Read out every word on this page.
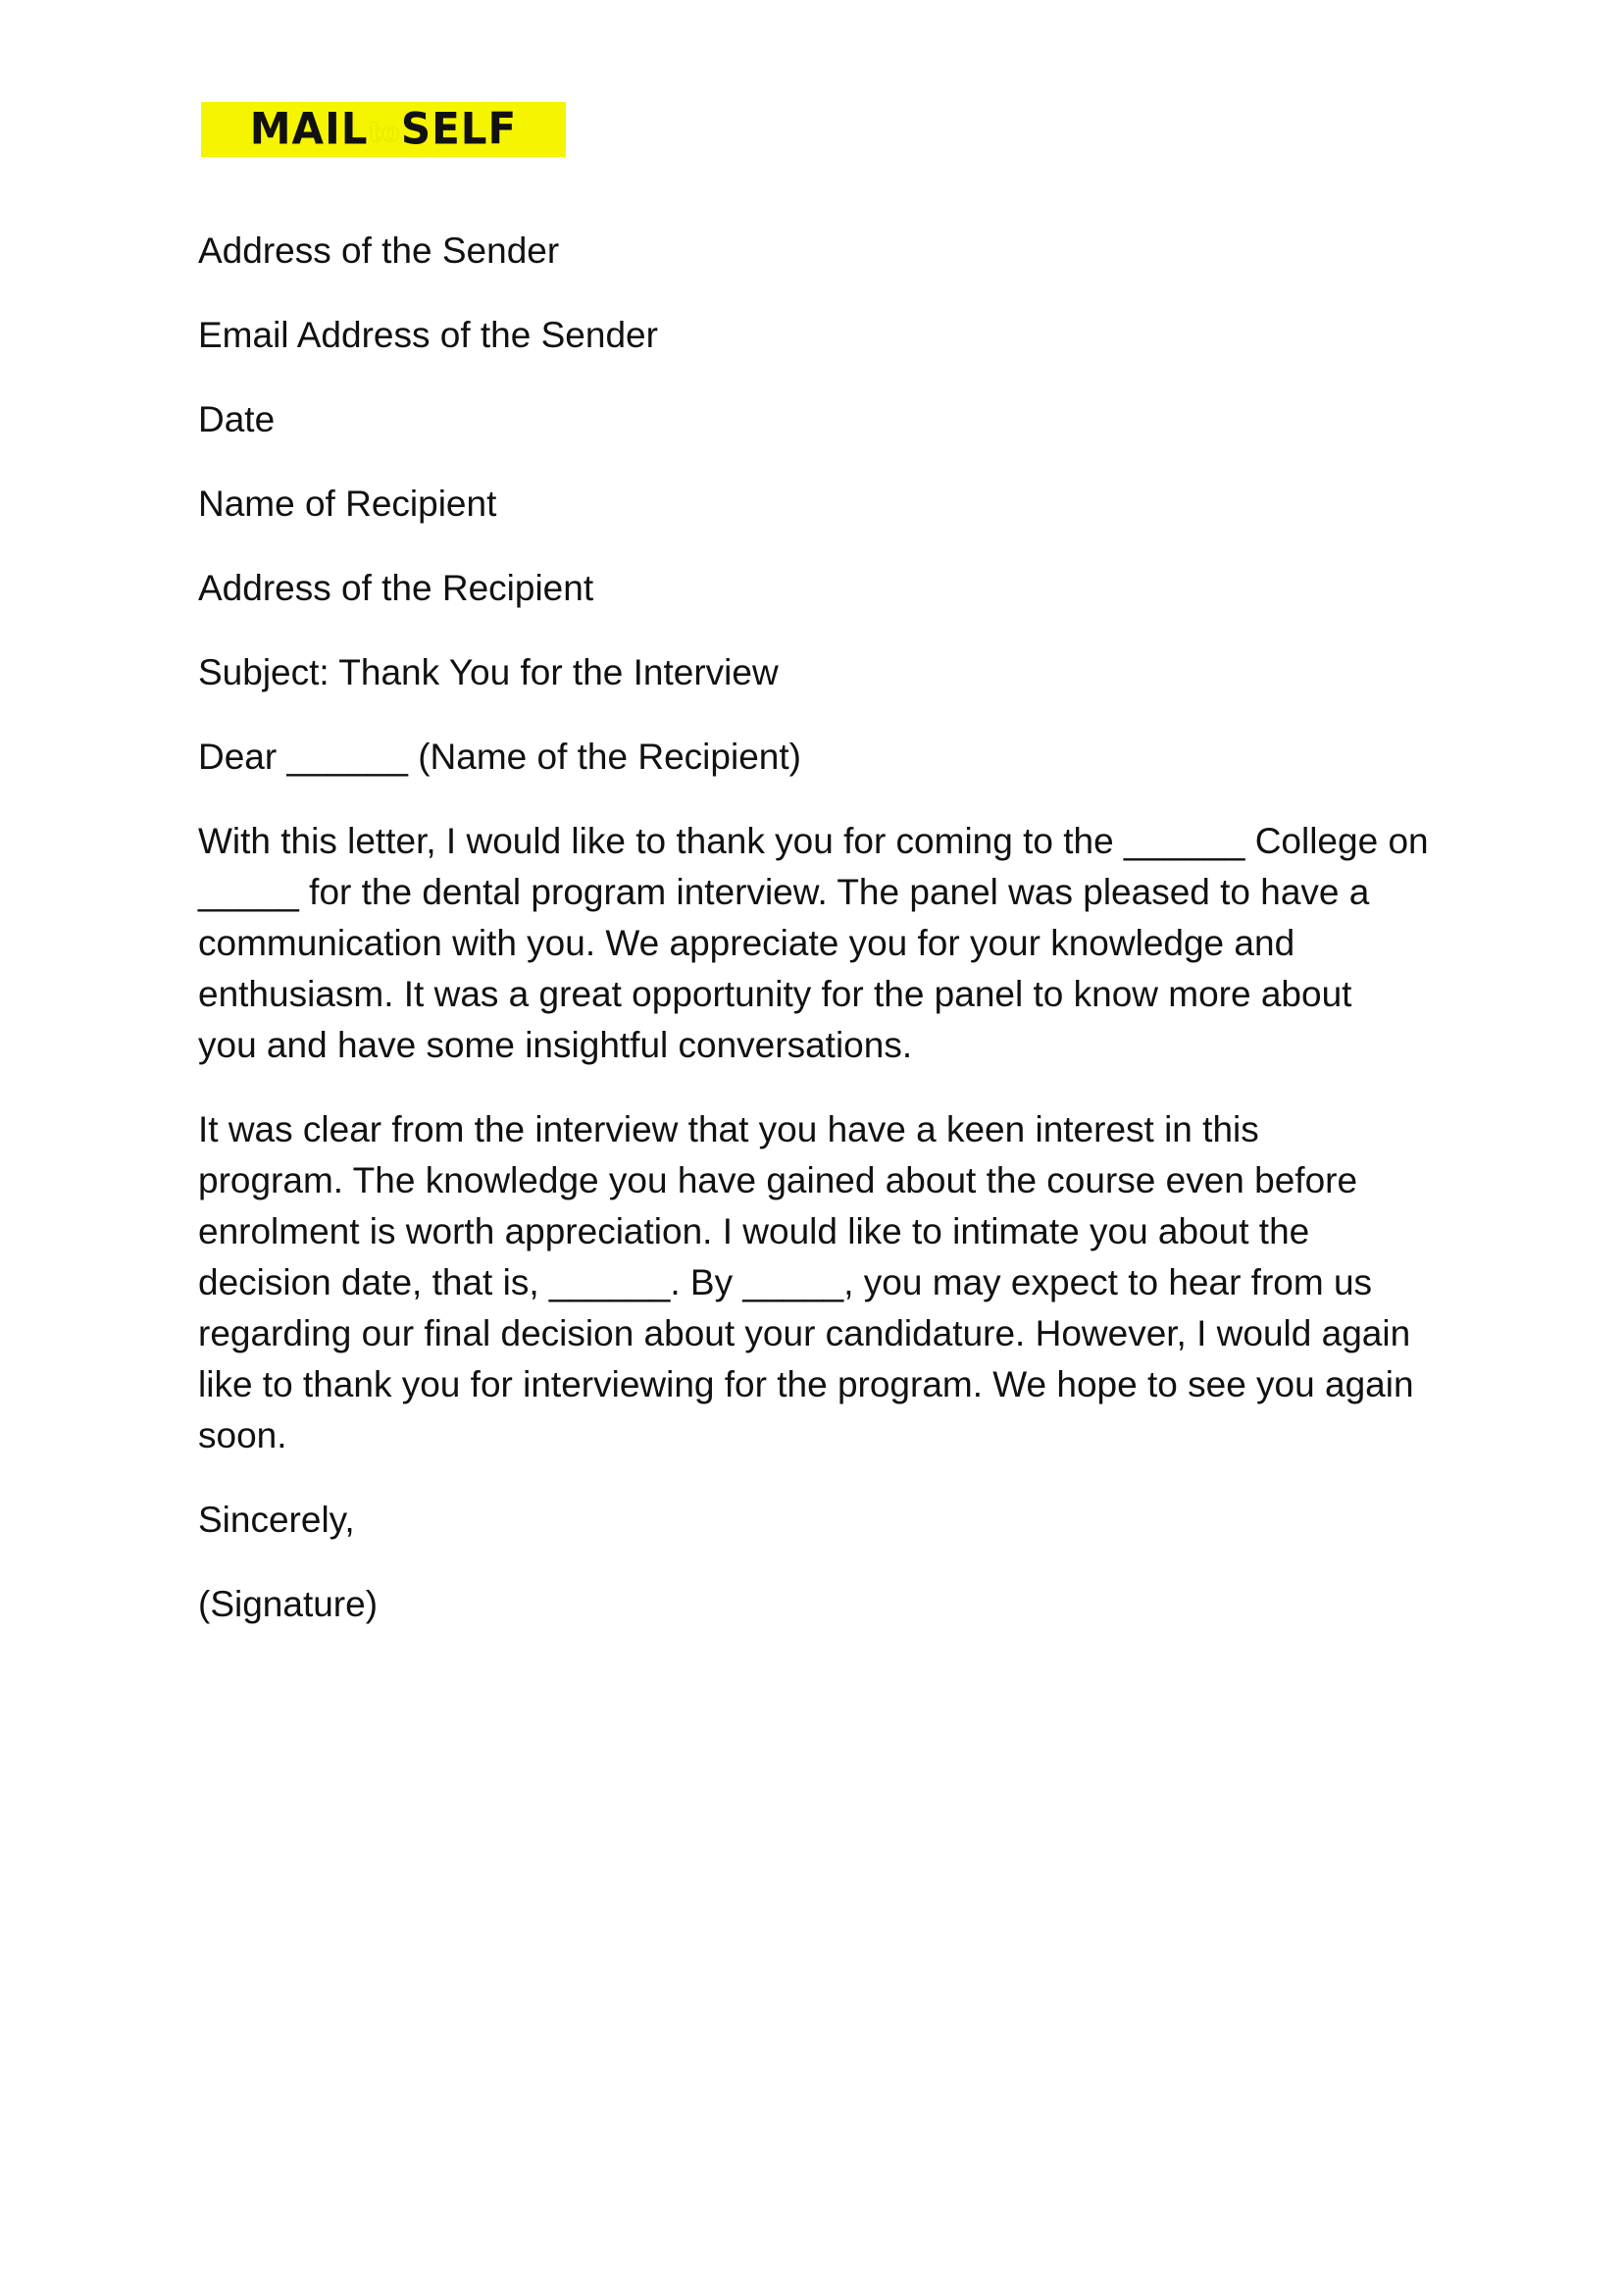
MAILtoSELF

Address of the Sender

Email Address of the Sender

Date

Name of Recipient

Address of the Recipient

Subject: Thank You for the Interview

Dear ______ (Name of the Recipient)

With this letter, I would like to thank you for coming to the ______ College on
_____ for the dental program interview. The panel was pleased to have a
communication with you. We appreciate you for your knowledge and
enthusiasm. It was a great opportunity for the panel to know more about
you and have some insightful conversations.

It was clear from the interview that you have a keen interest in this
program. The knowledge you have gained about the course even before
enrolment is worth appreciation. I would like to intimate you about the
decision date, that is, ______. By _____, you may expect to hear from us
regarding our final decision about your candidature. However, I would again
like to thank you for interviewing for the program. We hope to see you again
soon.

Sincerely,

(Signature)
